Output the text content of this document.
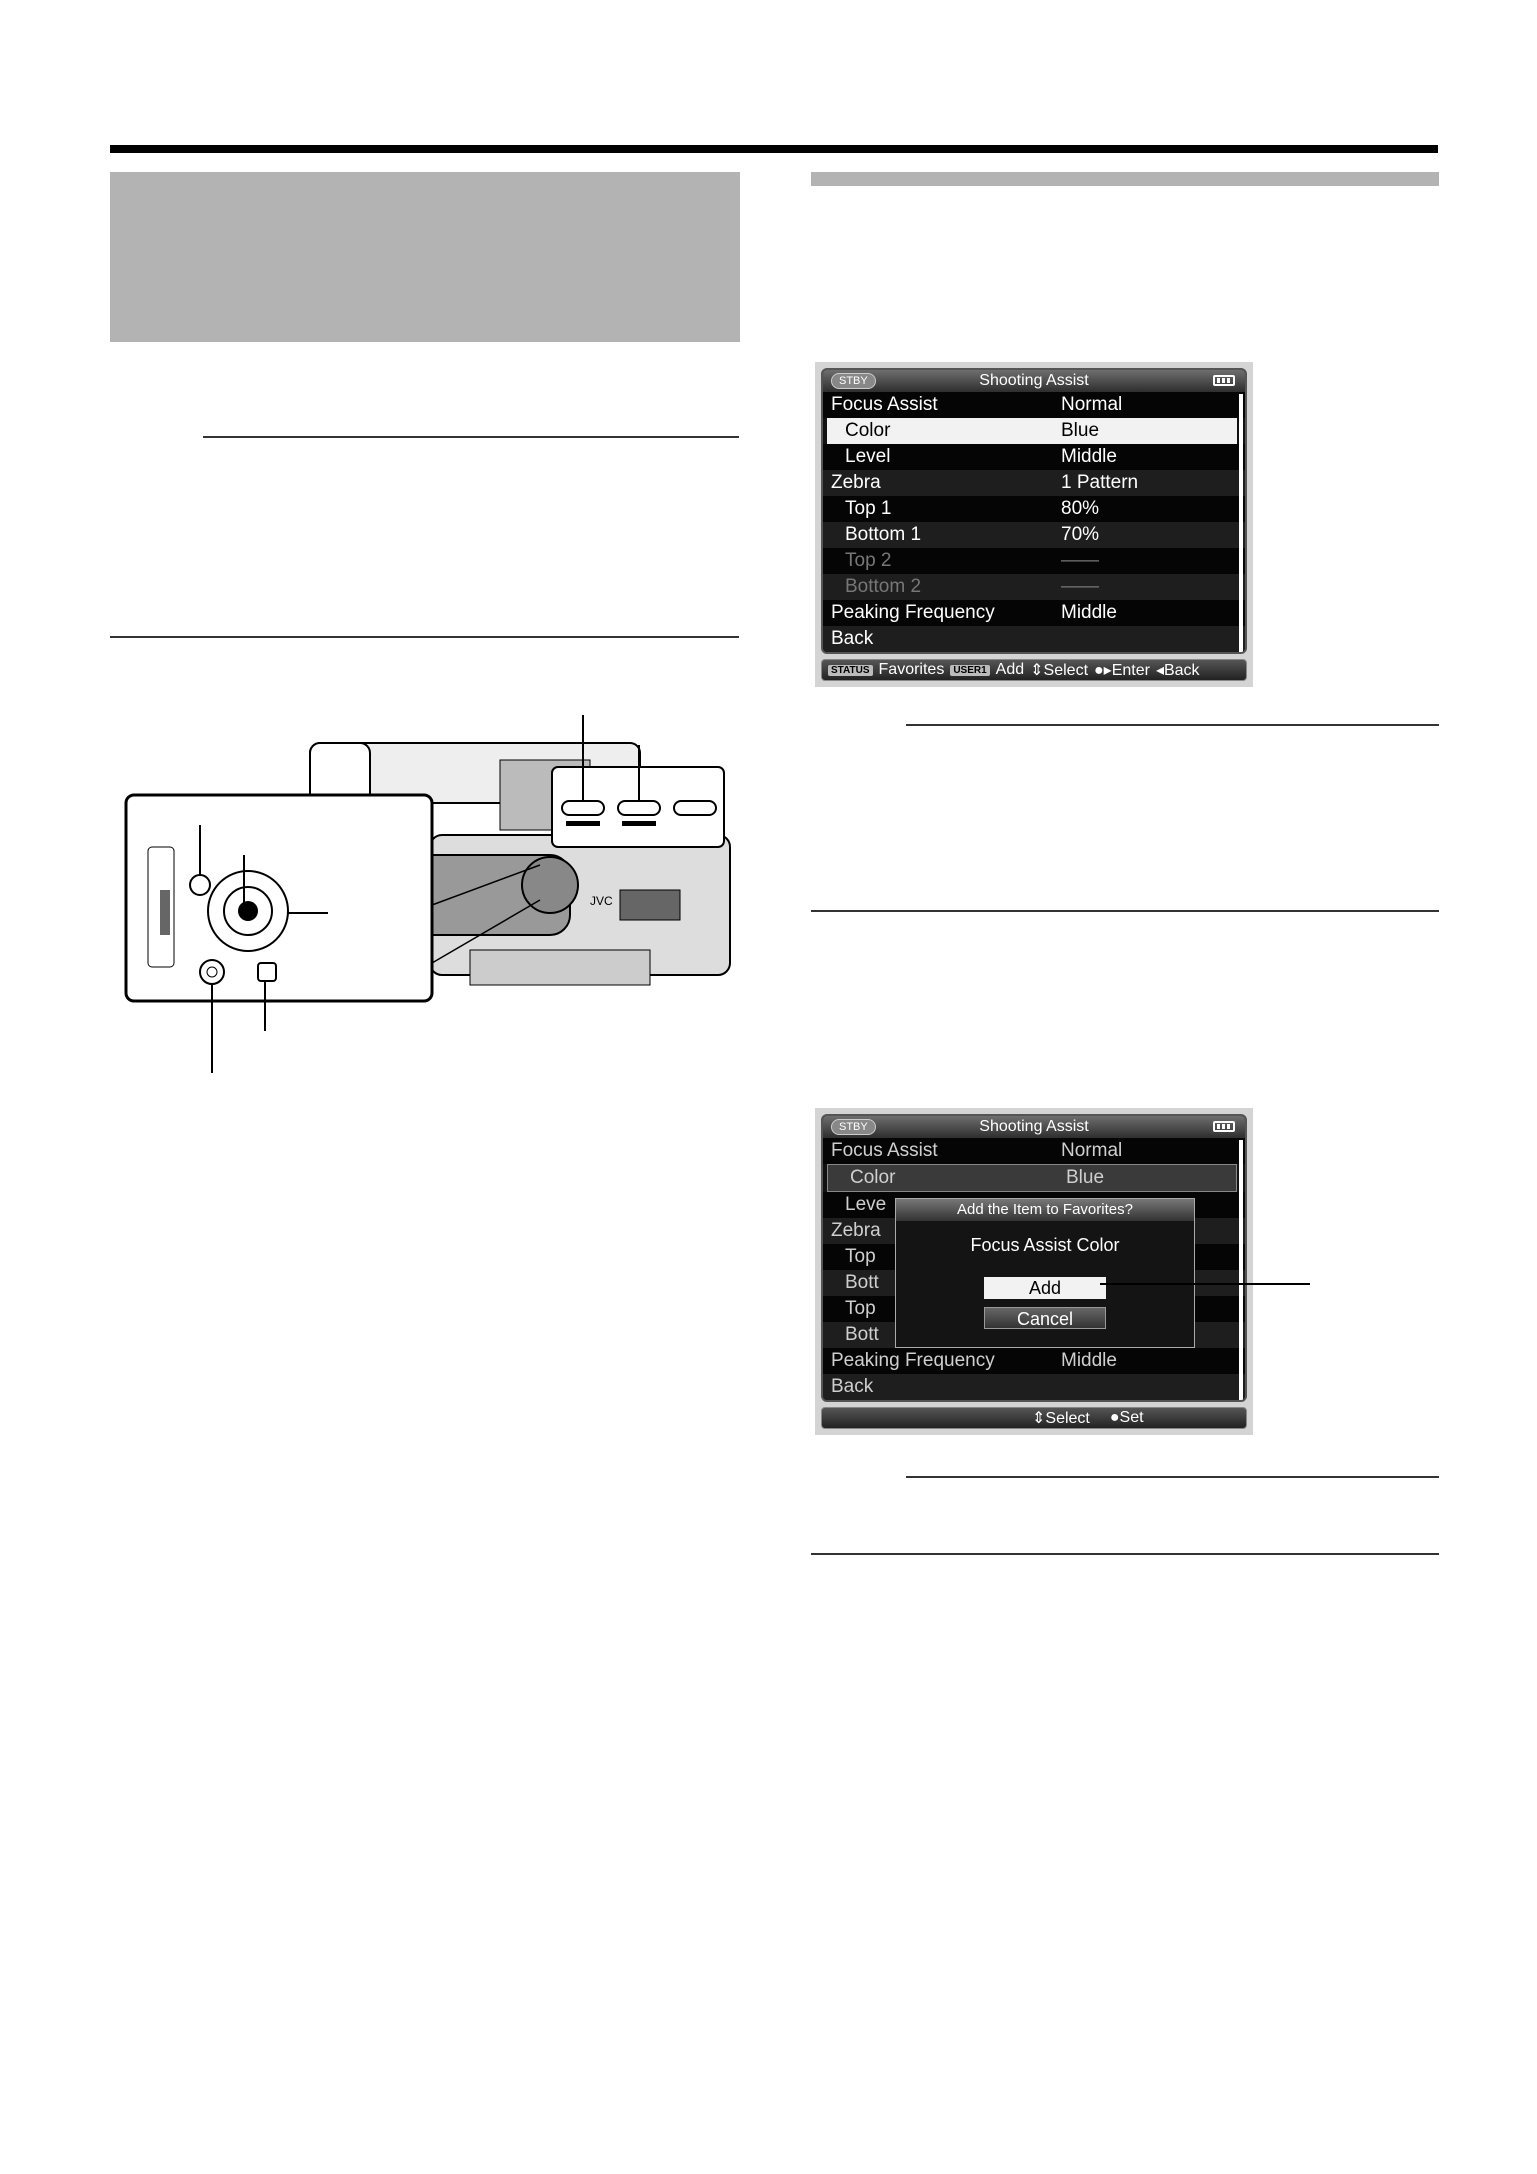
JVC
STBY	Shooting Assist
Focus Assist	Normal
Color	Blue
Level	Middle
Zebra	1 Pattern
Top 1	80%
Bottom 1	70%
Top 2	——
Bottom 2	——
Peaking Frequency	Middle
Back
STATUS Favorites USER1 Add ⇕Select ●▸Enter ◂Back
STBY	Shooting Assist
Focus Assist	Normal
Color	Blue
Leve
Zebra
Top
Bott
Top
Bott
Peaking Frequency	Middle
Back
Add the Item to Favorites?
Focus Assist Color
Add
Cancel
⇕Select ●Set
